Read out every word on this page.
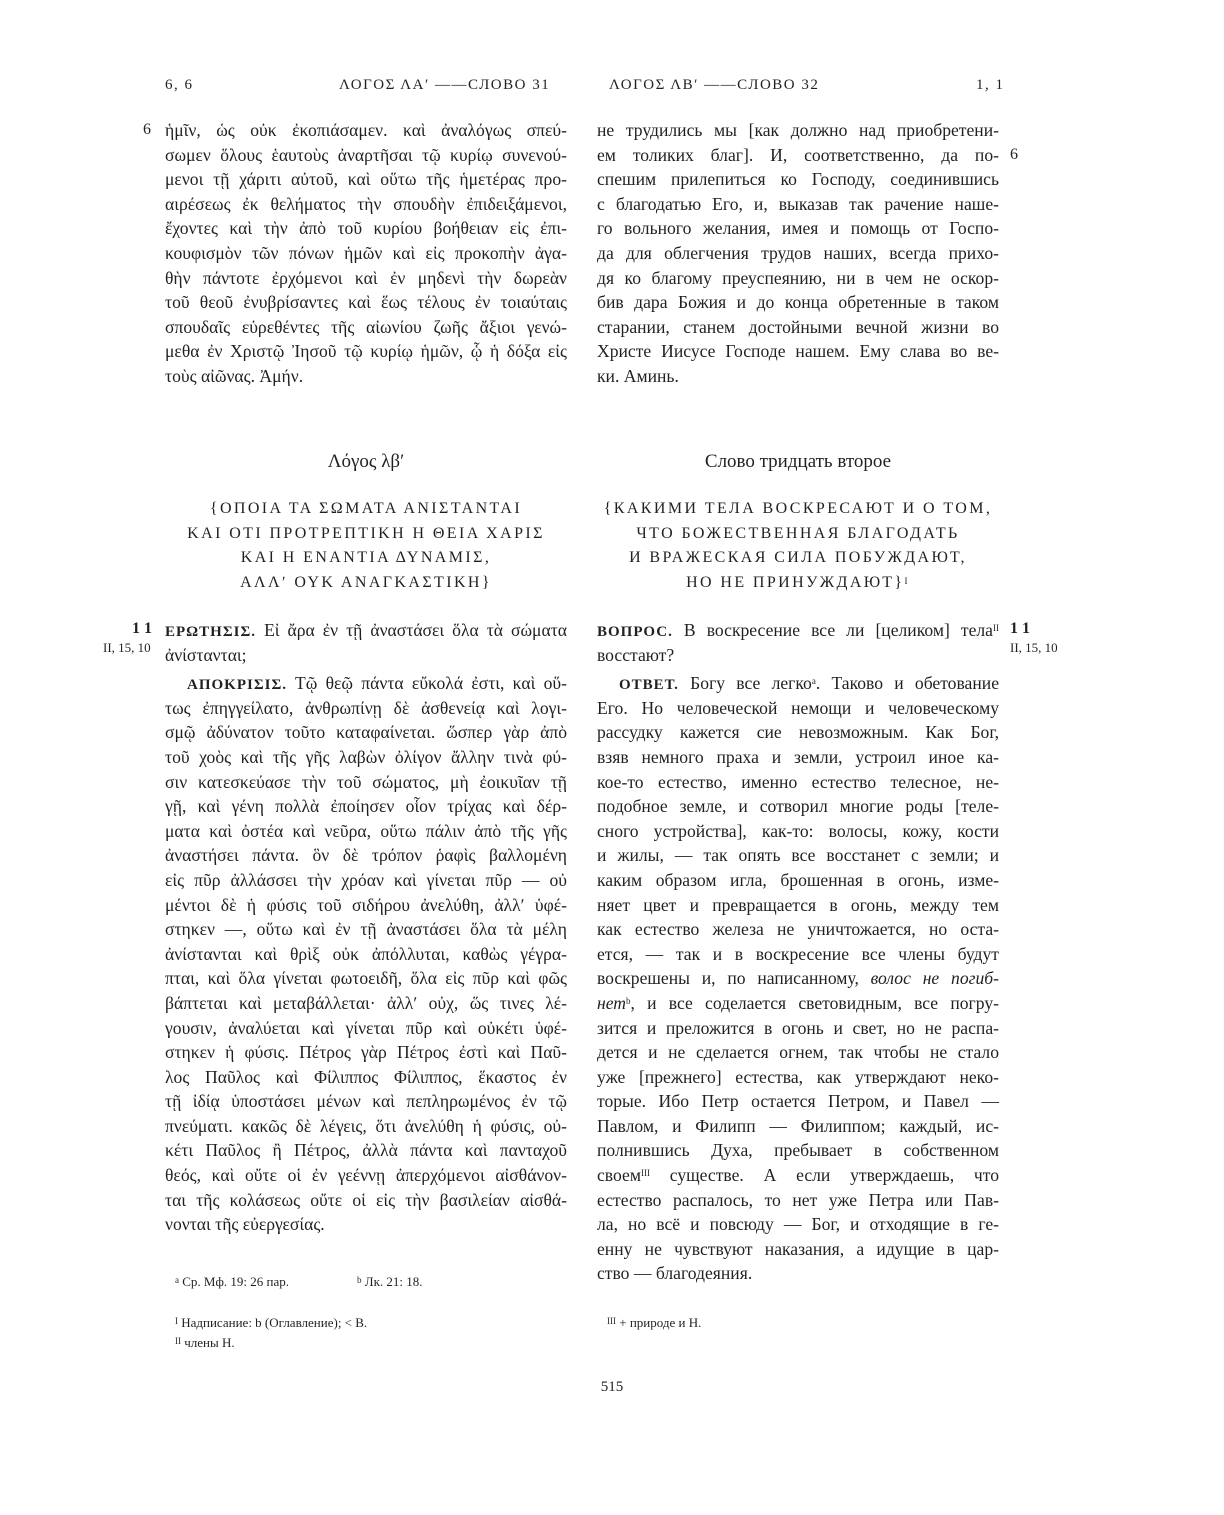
6, 6	ΛΟΓΟΣ ΛΑʹ ——СЛОВО 31	ΛΟΓΟΣ ΛΒʹ ——СЛОВО 32	1, 1
6
6
ἡμῖν, ὡς οὐκ ἐκοπιάσαμεν. καὶ ἀναλόγως σπεύ-
σωμεν ὅλους ἑαυτοὺς ἀναρτῆσαι τῷ κυρίῳ συνενού-
μενοι τῇ χάριτι αὐτοῦ, καὶ οὕτω τῆς ἡμετέρας προ-
αιρέσεως ἐκ θελήματος τὴν σπουδὴν ἐπιδειξάμενοι,
ἔχοντες καὶ τὴν ἀπὸ τοῦ κυρίου βοήθειαν εἰς ἐπι-
κουφισμὸν τῶν πόνων ἡμῶν καὶ εἰς προκοπὴν ἀγα-
θὴν πάντοτε ἐρχόμενοι καὶ ἐν μηδενὶ τὴν δωρεὰν
τοῦ θεοῦ ἐνυβρίσαντες καὶ ἕως τέλους ἐν τοιαύταις
σπουδαῖς εὑρεθέντες τῆς αἰωνίου ζωῆς ἄξιοι γενώ-
μεθα ἐν Χριστῷ Ἰησοῦ τῷ κυρίῳ ἡμῶν, ᾧ ἡ δόξα εἰς
τοὺς αἰῶνας. Ἀμήν.
не трудились мы [как должно над приобретени-
ем толиких благ]. И, соответственно, да по-
спешим прилепиться ко Господу, соединившись
с благодатью Его, и, выказав так рачение наше-
го вольного желания, имея и помощь от Госпо-
да для облегчения трудов наших, всегда прихо-
дя ко благому преуспеянию, ни в чем не оскор-
бив дара Божия и до конца обретенные в таком
старании, станем достойными вечной жизни во
Христе Иисусе Господе нашем. Ему слава во ве-
ки. Аминь.
Λόγος λβʹ	Слово тридцать второе
{ΟΠΟΙΑ ΤΑ ΣΩΜΑΤΑ ΑΝΙΣΤΑΝΤΑΙ
ΚΑΙ ΟΤΙ ΠΡΟΤΡΕΠΤΙΚΗ Η ΘΕΙΑ ΧΑΡΙΣ
ΚΑΙ Η ΕΝΑΝΤΙΑ ΔΥΝΑΜΙΣ,
ΑΛΛʹ ΟΥΚ ΑΝΑΓΚΑΣΤΙΚΗ}
{КАКИМИ ТЕЛА ВОСКРЕСАЮТ И О ТОМ,
ЧТО БОЖЕСТВЕННАЯ БЛАГОДАТЬ
И ВРАЖЕСКАЯ СИЛА ПОБУЖДАЮТ,
НО НЕ ПРИНУЖДАЮТ}$^I$
1 1
II, 15, 10
1 1
II, 15, 10
ΕΡΩΤΗΣΙΣ. Εἰ ἄρα ἐν τῇ ἀναστάσει ὅλα τὰ σώματα
ἀνίστανται;
ΑΠΟΚΡΙΣΙΣ. Τῷ θεῷ πάντα εὔκολά ἐστι, καὶ οὕ-
τως ἐπηγγείλατο, ἀνθρωπίνῃ δὲ ἀσθενείᾳ καὶ λογι-
σμῷ ἀδύνατον τοῦτο καταφαίνεται. ὥσπερ γὰρ ἀπὸ
τοῦ χοὸς καὶ τῆς γῆς λαβὼν ὀλίγον ἄλλην τινὰ φύ-
σιν κατεσκεύασε τὴν τοῦ σώματος, μὴ ἐοικυῖαν τῇ
γῇ, καὶ γένη πολλὰ ἐποίησεν οἷον τρίχας καὶ δέρ-
ματα καὶ ὀστέα καὶ νεῦρα, οὕτω πάλιν ἀπὸ τῆς γῆς
ἀναστήσει πάντα. ὃν δὲ τρόπον ῥαφὶς βαλλομένη
εἰς πῦρ ἀλλάσσει τὴν χρόαν καὶ γίνεται πῦρ — οὐ
μέντοι δὲ ἡ φύσις τοῦ σιδήρου ἀνελύθη, ἀλλʹ ὑφέ-
στηκεν —, οὕτω καὶ ἐν τῇ ἀναστάσει ὅλα τὰ μέλη
ἀνίστανται καὶ θρὶξ οὐκ ἀπόλλυται, καθὼς γέγρα-
πται, καὶ ὅλα γίνεται φωτοειδῆ, ὅλα εἰς πῦρ καὶ φῶς
βάπτεται καὶ μεταβάλλεται· ἀλλʹ οὐχ, ὥς τινες λέ-
γουσιν, ἀναλύεται καὶ γίνεται πῦρ καὶ οὐκέτι ὑφέ-
στηκεν ἡ φύσις. Πέτρος γὰρ Πέτρος ἐστὶ καὶ Παῦ-
λος Παῦλος καὶ Φίλιππος Φίλιππος, ἕκαστος ἐν
τῇ ἰδίᾳ ὑποστάσει μένων καὶ πεπληρωμένος ἐν τῷ
πνεύματι. κακῶς δὲ λέγεις, ὅτι ἀνελύθη ἡ φύσις, οὐ-
κέτι Παῦλος ἢ Πέτρος, ἀλλὰ πάντα καὶ πανταχοῦ
θεός, καὶ οὔτε οἱ ἐν γεέννῃ ἀπερχόμενοι αἰσθάνον-
ται τῆς κολάσεως οὔτε οἱ εἰς τὴν βασιλείαν αἰσθά-
νονται τῆς εὐεργεσίας.
ВОПРОС. В воскресение все ли [целиком] тела$^{II}$
восстают?
ОТВЕТ. Богу все легко$^a$. Таково и обетование
Его. Но человеческой немощи и человеческому
рассудку кажется сие невозможным. Как Бог,
взяв немного праха и земли, устроил иное ка-
кое-то естество, именно естество телесное, не-
подобное земле, и сотворил многие роды [теле-
сного устройства], как-то: волосы, кожу, кости
и жилы, — так опять все восстанет с земли; и
каким образом игла, брошенная в огонь, изме-
няет цвет и превращается в огонь, между тем
как естество железа не уничтожается, но оста-
ется, — так и в воскресение все члены будут
воскрешены и, по написанному, волос не погиб-
нет$^b$, и все соделается световидным, все погру-
зится и преложится в огонь и свет, но не распа-
дется и не сделается огнем, так чтобы не стало
уже [прежнего] естества, как утверждают неко-
торые. Ибо Петр остается Петром, и Павел —
Павлом, и Филипп — Филиппом; каждый, ис-
полнившись Духа, пребывает в собственном
своем$^{III}$ существе. А если утверждаешь, что
естество распалось, то нет уже Петра или Пав-
ла, но всё и повсюду — Бог, и отходящие в ге-
енну не чувствуют наказания, а идущие в цар-
ство — благодеяния.
$^a$ Ср. Мф. 19: 26 пар.	$^b$ Лк. 21: 18.
$^I$ Надписание: b (Оглавление); < B.
$^{II}$ члены H.
$^{III}$ + природе и H.
515
